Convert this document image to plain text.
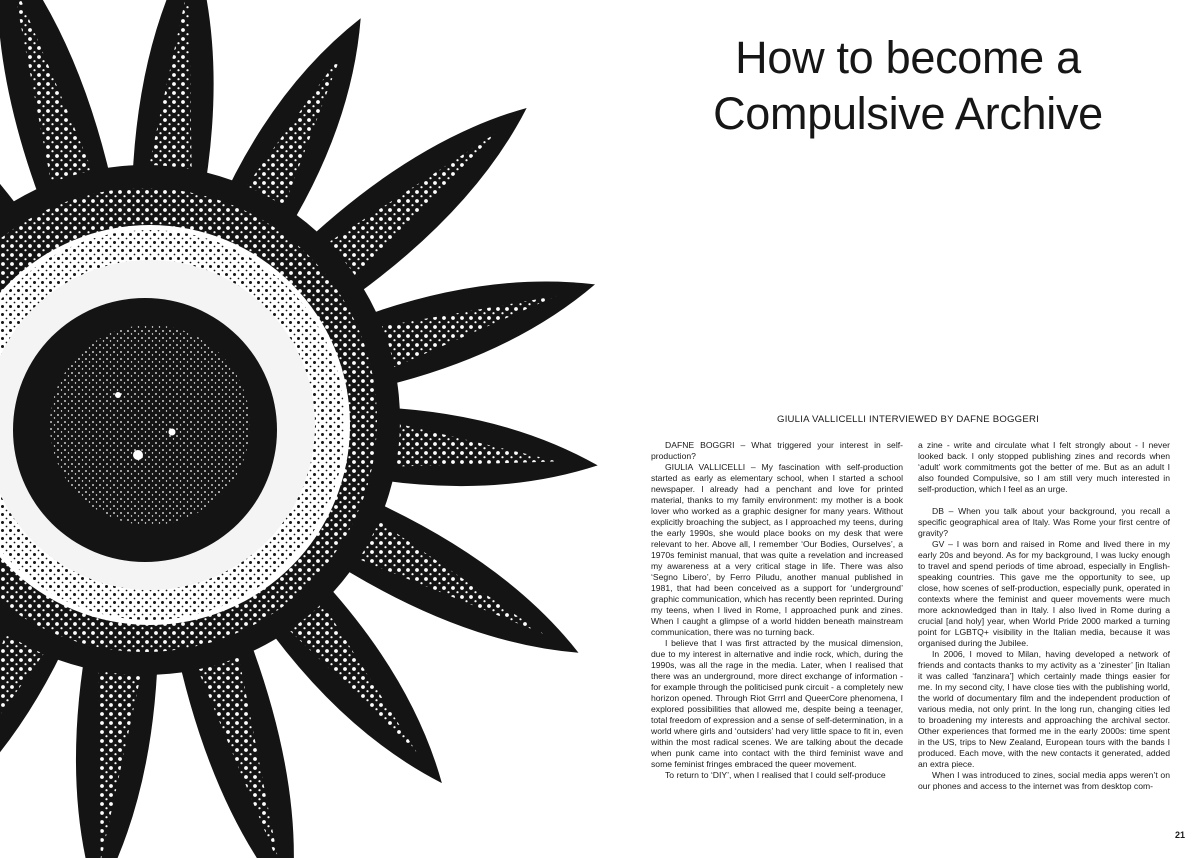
How to become a
Compulsive Archive

GIULIA VALLICELLI INTERVIEWED BY DAFNE BOGGERI

DAFNE BOGGRI – What triggered your interest in self-production?

GIULIA VALLICELLI – My fascination with self-production started as early as elementary school, when I started a school newspaper. I already had a penchant and love for printed material, thanks to my family environment: my mother is a book lover who worked as a graphic designer for many years. Without explicitly broaching the subject, as I approached my teens, during the early 1990s, she would place books on my desk that were relevant to her. Above all, I remember ‘Our Bodies, Ourselves’, a 1970s feminist manual, that was quite a revelation and increased my awareness at a very critical stage in life. There was also ‘Segno Libero’, by Ferro Piludu, another manual published in 1981, that had been conceived as a support for ‘underground’ graphic communication, which has recently been reprinted. During my teens, when I lived in Rome, I approached punk and zines. When I caught a glimpse of a world hidden beneath mainstream communication, there was no turning back.

I believe that I was first attracted by the musical dimension, due to my interest in alternative and indie rock, which, during the 1990s, was all the rage in the media. Later, when I realised that there was an underground, more direct exchange of information - for example through the politicised punk circuit - a completely new horizon opened. Through Riot Grrrl and QueerCore phenomena, I explored possibilities that allowed me, despite being a teenager, total freedom of expression and a sense of self-determination, in a world where girls and ‘outsiders’ had very little space to fit in, even within the most radical scenes. We are talking about the decade when punk came into contact with the third feminist wave and some feminist fringes embraced the queer movement.

To return to ‘DIY’, when I realised that I could self-produce

a zine - write and circulate what I felt strongly about - I never looked back. I only stopped publishing zines and records when ‘adult’ work commitments got the better of me. But as an adult I also founded Compulsive, so I am still very much interested in self-production, which I feel as an urge.

DB – When you talk about your background, you recall a specific geographical area of Italy. Was Rome your first centre of gravity?

GV – I was born and raised in Rome and lived there in my early 20s and beyond. As for my background, I was lucky enough to travel and spend periods of time abroad, especially in English-speaking countries. This gave me the opportunity to see, up close, how scenes of self-production, especially punk, operated in contexts where the feminist and queer movements were much more acknowledged than in Italy. I also lived in Rome during a crucial [and holy] year, when World Pride 2000 marked a turning point for LGBTQ+ visibility in the Italian media, because it was organised during the Jubilee.

In 2006, I moved to Milan, having developed a network of friends and contacts thanks to my activity as a ‘zinester’ [in Italian it was called ‘fanzinara’] which certainly made things easier for me. In my second city, I have close ties with the publishing world, the world of documentary film and the independent production of various media, not only print. In the long run, changing cities led to broadening my interests and approaching the archival sector. Other experiences that formed me in the early 2000s: time spent in the US, trips to New Zealand, European tours with the bands I produced. Each move, with the new contacts it generated, added an extra piece.

When I was introduced to zines, social media apps weren’t on our phones and access to the internet was from desktop com-

21
